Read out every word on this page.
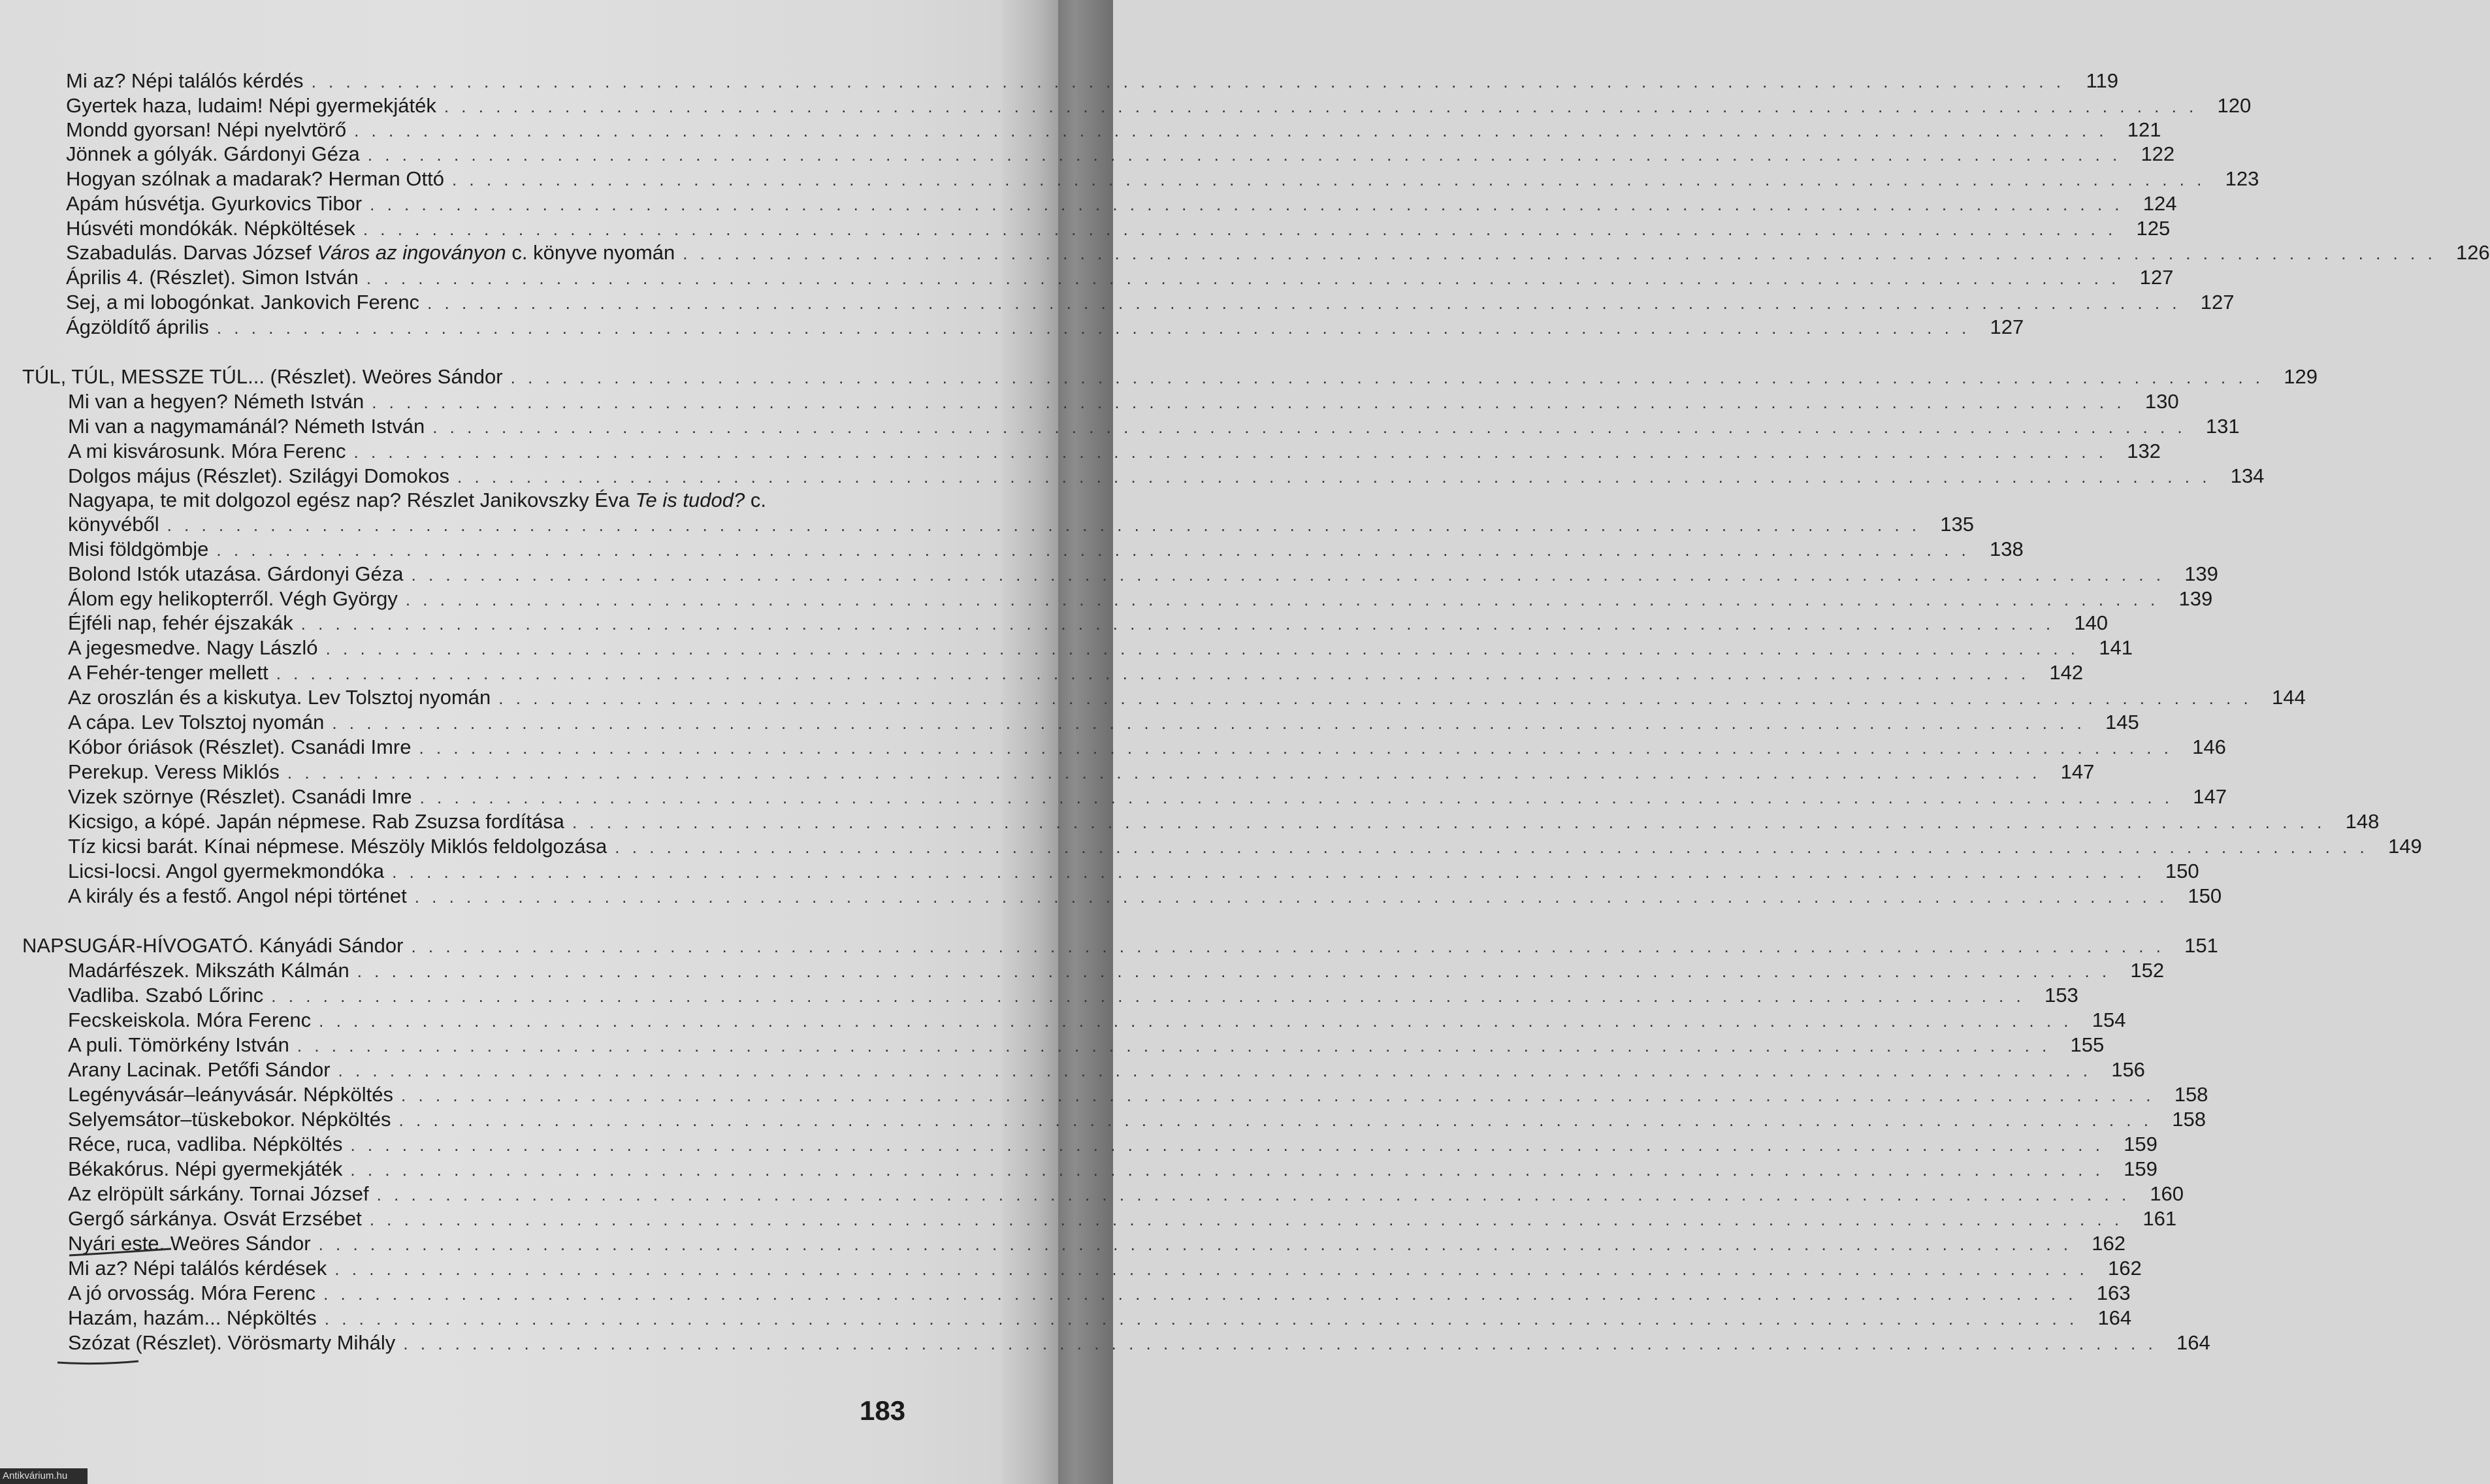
Mi az? Népi találós kérdés . . . . . . . . . . . . . . . . . . . . . . . . . . . . . . . . . . . . . . . . . . . . . . . . . . . . . . . . . . . . . . . . . . . . . . . . . . . . . . . . . . . . . . . . . . . . . . . . . . . . . .	119
Gyertek haza, ludaim! Népi gyermekjáték . . . . . . . . . . . . . . . . . . . . . . . . . . . . . . . . . . . . . . . . . . . . . . . . . . . . . . . . . . . . . . . . . . . . . . . . . . . . . . . . . . . . . . . . . . . . . . . . . . . . . . 120
Mondd gyorsan! Népi nyelvtörő . . . . . . . . . . . . . . . . . . . . . . . . . . . . . . . . . . . . . . . . . . . . . . . . . . . . . . . . . . . . . . . . . . . . . . . . . . . . . . . . . . . . . . . . . . . . . . . . . . . . . . 121
Jönnek a gólyák. Gárdonyi Géza . . . . . . . . . . . . . . . . . . . . . . . . . . . . . . . . . . . . . . . . . . . . . . . . . . . . . . . . . . . . . . . . . . . . . . . . . . . . . . . . . . . . . . . . . . . . . . . . . . . . . . 122
Hogyan szólnak a madarak? Herman Ottó . . . . . . . . . . . . . . . . . . . . . . . . . . . . . . . . . . . . . . . . . . . . . . . . . . . . . . . . . . . . . . . . . . . . . . . . . . . . . . . . . . . . . . . . . . . . . . . . . . . . . . 123
Apám húsvétja. Gyurkovics Tibor . . . . . . . . . . . . . . . . . . . . . . . . . . . . . . . . . . . . . . . . . . . . . . . . . . . . . . . . . . . . . . . . . . . . . . . . . . . . . . . . . . . . . . . . . . . . . . . . . . . . . . 124
Húsvéti mondókák. Népköltések . . . . . . . . . . . . . . . . . . . . . . . . . . . . . . . . . . . . . . . . . . . . . . . . . . . . . . . . . . . . . . . . . . . . . . . . . . . . . . . . . . . . . . . . . . . . . . . . . . . . . . 125
Szabadulás. Darvas József Város az ingoványon c. könyve nyomán . . . . . . . . . . . . . . . . . . . . . . . . . . . . . . . . . . . . . . . . . . . . . . . . . . . . . . . . . . . . . . . . . . . . . . . . . . . . . . . . . . . . . . . . . . . . . . . . . . . . . . 126
Április 4. (Részlet). Simon István . . . . . . . . . . . . . . . . . . . . . . . . . . . . . . . . . . . . . . . . . . . . . . . . . . . . . . . . . . . . . . . . . . . . . . . . . . . . . . . . . . . . . . . . . . . . . . . . . . . . . . 127
Sej, a mi lobogónkat. Jankovich Ferenc . . . . . . . . . . . . . . . . . . . . . . . . . . . . . . . . . . . . . . . . . . . . . . . . . . . . . . . . . . . . . . . . . . . . . . . . . . . . . . . . . . . . . . . . . . . . . . . . . . . . . . 127
Ágzöldítő április . . . . . . . . . . . . . . . . . . . . . . . . . . . . . . . . . . . . . . . . . . . . . . . . . . . . . . . . . . . . . . . . . . . . . . . . . . . . . . . . . . . . . . . . . . . . . . . . . . . . . . 127
TÚL, TÚL, MESSZE TÚL... (Részlet). Weöres Sándor . . . . . . . . . . . . . . . . . . . . . . . . . . . . . . . . . . . . . . . . . . . . . . . . . . . . . . . . . . . . . . . . . . . . . . . . . . . . . . . . . . . . . . . . . . . . . . . . . . . . . . 129
Mi van a hegyen? Németh István . . . . . . . . . . . . . . . . . . . . . . . . . . . . . . . . . . . . . . . . . . . . . . . . . . . . . . . . . . . . . . . . . . . . . . . . . . . . . . . . . . . . . . . . . . . . . . . . . . . . . . 130
Mi van a nagymamánál? Németh István . . . . . . . . . . . . . . . . . . . . . . . . . . . . . . . . . . . . . . . . . . . . . . . . . . . . . . . . . . . . . . . . . . . . . . . . . . . . . . . . . . . . . . . . . . . . . . . . . . . . . . 131
A mi kisvárosunk. Móra Ferenc . . . . . . . . . . . . . . . . . . . . . . . . . . . . . . . . . . . . . . . . . . . . . . . . . . . . . . . . . . . . . . . . . . . . . . . . . . . . . . . . . . . . . . . . . . . . . . . . . . . . . . 132
Dolgos május (Részlet). Szilágyi Domokos . . . . . . . . . . . . . . . . . . . . . . . . . . . . . . . . . . . . . . . . . . . . . . . . . . . . . . . . . . . . . . . . . . . . . . . . . . . . . . . . . . . . . . . . . . . . . . . . . . . . . . 134
Nagyapa, te mit dolgozol egész nap? Részlet Janikovszky Éva Te is tudod? c.
könyvéből . . . . . . . . . . . . . . . . . . . . . . . . . . . . . . . . . . . . . . . . . . . . . . . . . . . . . . . . . . . . . . . . . . . . . . . . . . . . . . . . . . . . . . . . . . . . . . . . . . . . . . 135
Misi földgömbje . . . . . . . . . . . . . . . . . . . . . . . . . . . . . . . . . . . . . . . . . . . . . . . . . . . . . . . . . . . . . . . . . . . . . . . . . . . . . . . . . . . . . . . . . . . . . . . . . . . . . . 138
Bolond Istók utazása. Gárdonyi Géza . . . . . . . . . . . . . . . . . . . . . . . . . . . . . . . . . . . . . . . . . . . . . . . . . . . . . . . . . . . . . . . . . . . . . . . . . . . . . . . . . . . . . . . . . . . . . . . . . . . . . . 139
Álom egy helikopterről. Végh György . . . . . . . . . . . . . . . . . . . . . . . . . . . . . . . . . . . . . . . . . . . . . . . . . . . . . . . . . . . . . . . . . . . . . . . . . . . . . . . . . . . . . . . . . . . . . . . . . . . . . . 139
Éjféli nap, fehér éjszakák . . . . . . . . . . . . . . . . . . . . . . . . . . . . . . . . . . . . . . . . . . . . . . . . . . . . . . . . . . . . . . . . . . . . . . . . . . . . . . . . . . . . . . . . . . . . . . . . . . . . . . 140
A jegesmedve. Nagy László . . . . . . . . . . . . . . . . . . . . . . . . . . . . . . . . . . . . . . . . . . . . . . . . . . . . . . . . . . . . . . . . . . . . . . . . . . . . . . . . . . . . . . . . . . . . . . . . . . . . . . 141
A Fehér-tenger mellett . . . . . . . . . . . . . . . . . . . . . . . . . . . . . . . . . . . . . . . . . . . . . . . . . . . . . . . . . . . . . . . . . . . . . . . . . . . . . . . . . . . . . . . . . . . . . . . . . . . . . . 142
Az oroszlán és a kiskutya. Lev Tolsztoj nyomán . . . . . . . . . . . . . . . . . . . . . . . . . . . . . . . . . . . . . . . . . . . . . . . . . . . . . . . . . . . . . . . . . . . . . . . . . . . . . . . . . . . . . . . . . . . . . . . . . . . . . . 144
A cápa. Lev Tolsztoj nyomán . . . . . . . . . . . . . . . . . . . . . . . . . . . . . . . . . . . . . . . . . . . . . . . . . . . . . . . . . . . . . . . . . . . . . . . . . . . . . . . . . . . . . . . . . . . . . . . . . . . . . . 145
Kóbor óriások (Részlet). Csanádi Imre . . . . . . . . . . . . . . . . . . . . . . . . . . . . . . . . . . . . . . . . . . . . . . . . . . . . . . . . . . . . . . . . . . . . . . . . . . . . . . . . . . . . . . . . . . . . . . . . . . . . . . 146
Perekup. Veress Miklós . . . . . . . . . . . . . . . . . . . . . . . . . . . . . . . . . . . . . . . . . . . . . . . . . . . . . . . . . . . . . . . . . . . . . . . . . . . . . . . . . . . . . . . . . . . . . . . . . . . . . . 147
Vizek szörnye (Részlet). Csanádi Imre . . . . . . . . . . . . . . . . . . . . . . . . . . . . . . . . . . . . . . . . . . . . . . . . . . . . . . . . . . . . . . . . . . . . . . . . . . . . . . . . . . . . . . . . . . . . . . . . . . . . . . 147
Kicsigo, a kópé. Japán népmese. Rab Zsuzsa fordítása . . . . . . . . . . . . . . . . . . . . . . . . . . . . . . . . . . . . . . . . . . . . . . . . . . . . . . . . . . . . . . . . . . . . . . . . . . . . . . . . . . . . . . . . . . . . . . . . . . . . . . 148
Tíz kicsi barát. Kínai népmese. Mészöly Miklós feldolgozása . . . . . . . . . . . . . . . . . . . . . . . . . . . . . . . . . . . . . . . . . . . . . . . . . . . . . . . . . . . . . . . . . . . . . . . . . . . . . . . . . . . . . . . . . . . . . . . . . . . . . . 149
Licsi-locsi. Angol gyermekmondóka . . . . . . . . . . . . . . . . . . . . . . . . . . . . . . . . . . . . . . . . . . . . . . . . . . . . . . . . . . . . . . . . . . . . . . . . . . . . . . . . . . . . . . . . . . . . . . . . . . . . . . 150
A király és a festő. Angol népi történet . . . . . . . . . . . . . . . . . . . . . . . . . . . . . . . . . . . . . . . . . . . . . . . . . . . . . . . . . . . . . . . . . . . . . . . . . . . . . . . . . . . . . . . . . . . . . . . . . . . . . . 150
NAPSUGÁR-HÍVOGATÓ. Kányádi Sándor . . . . . . . . . . . . . . . . . . . . . . . . . . . . . . . . . . . . . . . . . . . . . . . . . . . . . . . . . . . . . . . . . . . . . . . . . . . . . . . . . . . . . . . . . . . . . . . . . . . . . . 151
Madárfészek. Mikszáth Kálmán . . . . . . . . . . . . . . . . . . . . . . . . . . . . . . . . . . . . . . . . . . . . . . . . . . . . . . . . . . . . . . . . . . . . . . . . . . . . . . . . . . . . . . . . . . . . . . . . . . . . . . 152
Vadliba. Szabó Lőrinc . . . . . . . . . . . . . . . . . . . . . . . . . . . . . . . . . . . . . . . . . . . . . . . . . . . . . . . . . . . . . . . . . . . . . . . . . . . . . . . . . . . . . . . . . . . . . . . . . . . . . . 153
Fecskeiskola. Móra Ferenc . . . . . . . . . . . . . . . . . . . . . . . . . . . . . . . . . . . . . . . . . . . . . . . . . . . . . . . . . . . . . . . . . . . . . . . . . . . . . . . . . . . . . . . . . . . . . . . . . . . . . . 154
A puli. Tömörkény István . . . . . . . . . . . . . . . . . . . . . . . . . . . . . . . . . . . . . . . . . . . . . . . . . . . . . . . . . . . . . . . . . . . . . . . . . . . . . . . . . . . . . . . . . . . . . . . . . . . . . . 155
Arany Lacinak. Petőfi Sándor . . . . . . . . . . . . . . . . . . . . . . . . . . . . . . . . . . . . . . . . . . . . . . . . . . . . . . . . . . . . . . . . . . . . . . . . . . . . . . . . . . . . . . . . . . . . . . . . . . . . . . 156
Legényvásár–leányvásár. Népköltés . . . . . . . . . . . . . . . . . . . . . . . . . . . . . . . . . . . . . . . . . . . . . . . . . . . . . . . . . . . . . . . . . . . . . . . . . . . . . . . . . . . . . . . . . . . . . . . . . . . . . . 158
Selyemsátor–tüskebokor. Népköltés . . . . . . . . . . . . . . . . . . . . . . . . . . . . . . . . . . . . . . . . . . . . . . . . . . . . . . . . . . . . . . . . . . . . . . . . . . . . . . . . . . . . . . . . . . . . . . . . . . . . . . 158
Réce, ruca, vadliba. Népköltés . . . . . . . . . . . . . . . . . . . . . . . . . . . . . . . . . . . . . . . . . . . . . . . . . . . . . . . . . . . . . . . . . . . . . . . . . . . . . . . . . . . . . . . . . . . . . . . . . . . . . . 159
Békakórus. Népi gyermekjáték . . . . . . . . . . . . . . . . . . . . . . . . . . . . . . . . . . . . . . . . . . . . . . . . . . . . . . . . . . . . . . . . . . . . . . . . . . . . . . . . . . . . . . . . . . . . . . . . . . . . . . 159
Az elröpült sárkány. Tornai József . . . . . . . . . . . . . . . . . . . . . . . . . . . . . . . . . . . . . . . . . . . . . . . . . . . . . . . . . . . . . . . . . . . . . . . . . . . . . . . . . . . . . . . . . . . . . . . . . . . . . . 160
Gergő sárkánya. Osvát Erzsébet . . . . . . . . . . . . . . . . . . . . . . . . . . . . . . . . . . . . . . . . . . . . . . . . . . . . . . . . . . . . . . . . . . . . . . . . . . . . . . . . . . . . . . . . . . . . . . . . . . . . . . 161
Nyári este. Weöres Sándor . . . . . . . . . . . . . . . . . . . . . . . . . . . . . . . . . . . . . . . . . . . . . . . . . . . . . . . . . . . . . . . . . . . . . . . . . . . . . . . . . . . . . . . . . . . . . . . . . . . . . . 162
Mi az? Népi találós kérdések . . . . . . . . . . . . . . . . . . . . . . . . . . . . . . . . . . . . . . . . . . . . . . . . . . . . . . . . . . . . . . . . . . . . . . . . . . . . . . . . . . . . . . . . . . . . . . . . . . . . . . 162
A jó orvosság. Móra Ferenc . . . . . . . . . . . . . . . . . . . . . . . . . . . . . . . . . . . . . . . . . . . . . . . . . . . . . . . . . . . . . . . . . . . . . . . . . . . . . . . . . . . . . . . . . . . . . . . . . . . . . . 163
Hazám, hazám... Népköltés . . . . . . . . . . . . . . . . . . . . . . . . . . . . . . . . . . . . . . . . . . . . . . . . . . . . . . . . . . . . . . . . . . . . . . . . . . . . . . . . . . . . . . . . . . . . . . . . . . . . . . 164
Szózat (Részlet). Vörösmarty Mihály . . . . . . . . . . . . . . . . . . . . . . . . . . . . . . . . . . . . . . . . . . . . . . . . . . . . . . . . . . . . . . . . . . . . . . . . . . . . . . . . . . . . . . . . . . . . . . . . . . . . . . 164
183
Antikvárium.hu
